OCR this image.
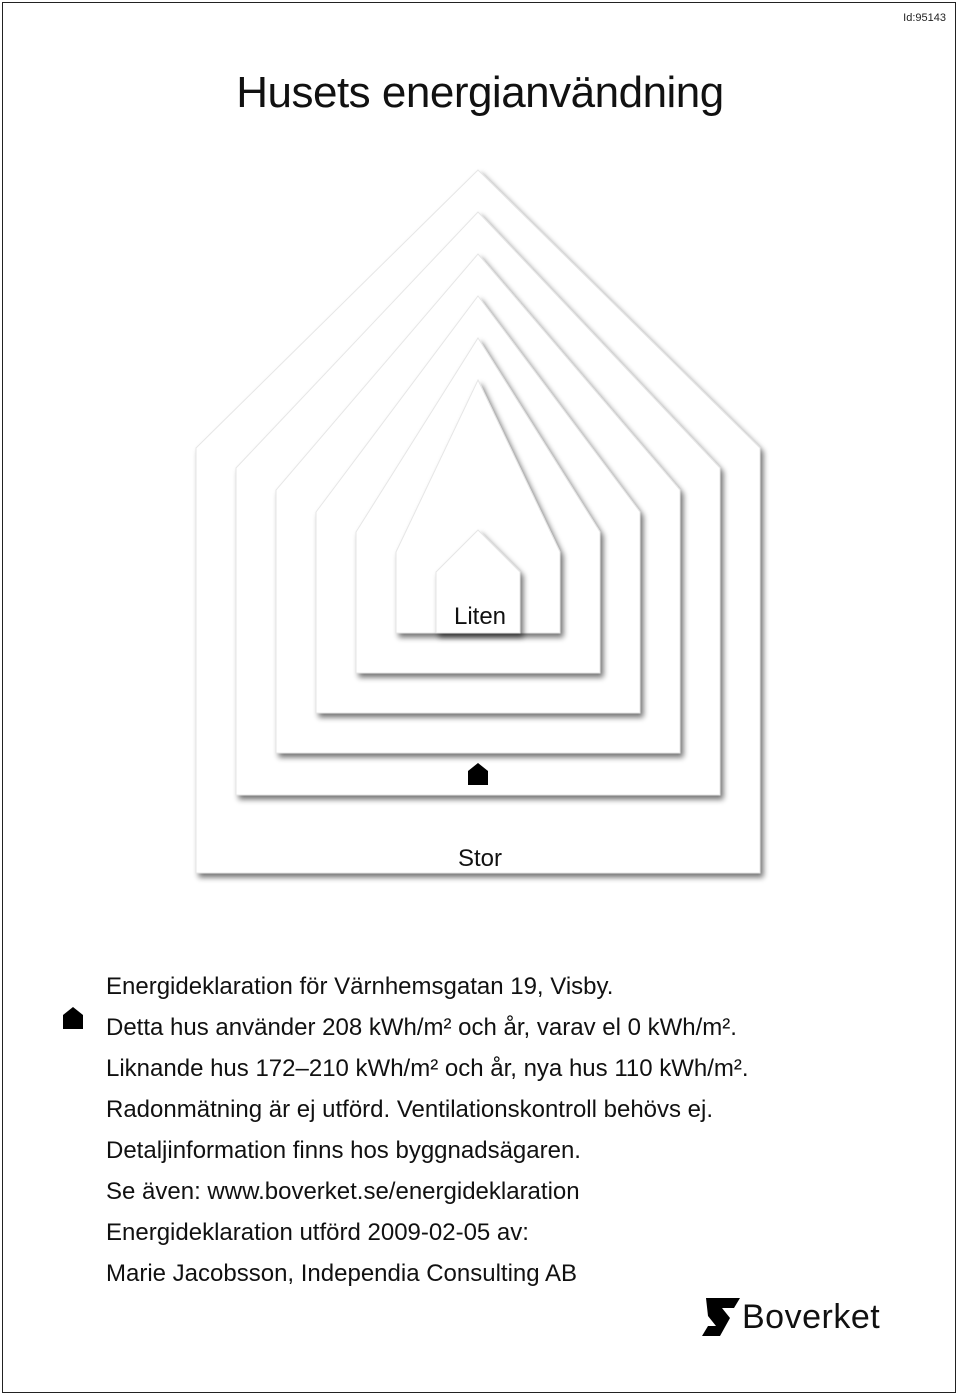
Id:95143
Husets energianvändning
Liten
Stor
Energideklaration för Värnhemsgatan 19, Visby.
Detta hus använder 208 kWh/m² och år, varav el 0 kWh/m².
Liknande hus 172–210 kWh/m² och år, nya hus 110 kWh/m².
Radonmätning är ej utförd. Ventilationskontroll behövs ej.
Detaljinformation finns hos byggnadsägaren.
Se även: www.boverket.se/energideklaration
Energideklaration utförd 2009-02-05 av:
Marie Jacobsson, Independia Consulting AB
Boverket
